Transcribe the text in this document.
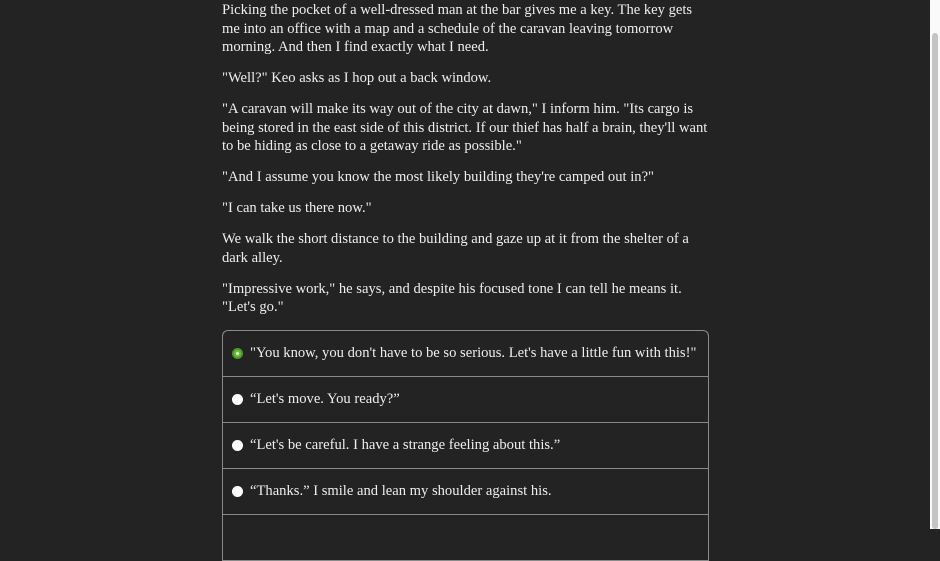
Picking the pocket of a well-dressed man at the bar gives me a key. The key gets me into an office with a map and a schedule of the caravan leaving tomorrow morning. And then I find exactly what I need.

"Well?" Keo asks as I hop out a back window.

"A caravan will make its way out of the city at dawn," I inform him. "Its cargo is being stored in the east side of this district. If our thief has half a brain, they'll want to be hiding as close to a getaway ride as possible."

"And I assume you know the most likely building they're camped out in?"

"I can take us there now."

We walk the short distance to the building and gaze up at it from the shelter of a dark alley.

"Impressive work," he says, and despite his focused tone I can tell he means it. "Let's go."

"You know, you don't have to be so serious. Let's have a little fun with this!"
“Let's move. You ready?”
“Let's be careful. I have a strange feeling about this.”
“Thanks.” I smile and lean my shoulder against his.
